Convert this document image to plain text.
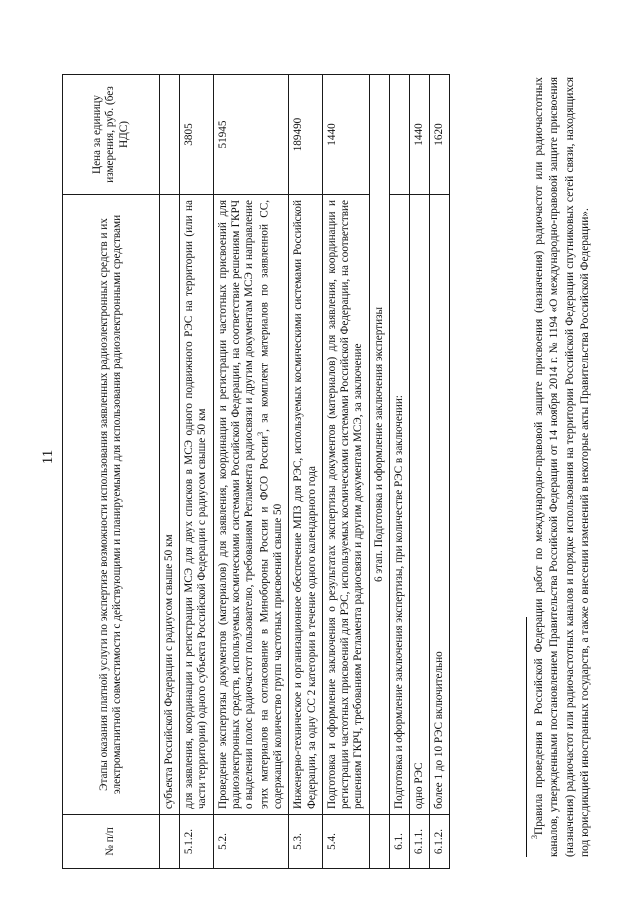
11
№ п/п	Этапы оказания платной услуги по экспертизе возможности использования заявленных радиоэлектронных средств и их электромагнитной совместимости с действующими и планируемыми для использования радиоэлектронными средствами	Цена за единицу измерения, руб. (без НДС)
	субъекта Российской Федерации с радиусом свыше 50 км	
5.1.2.	для заявления, координации и регистрации МСЭ для двух списков в МСЭ одного подвижного РЭС на территории (или на части территории) одного субъекта Российской Федерации с радиусом свыше 50 км	3805
5.2.	Проведение экспертизы документов (материалов) для заявления, координации и регистрации частотных присвоений для радиоэлектронных средств, используемых космическими системами Российской Федерации, на соответствие решениям ГКРЧ о выделении полос радиочастот пользователю, требованиям Регламента радиосвязи и другим документам МСЭ и направление этих материалов на согласование в Минобороны России и ФСО России$^3$, за комплект материалов по заявленной СС, содержащей количество групп частотных присвоений свыше 50	51945
5.3.	Инженерно-техническое и организационное обеспечение МПЗ для РЭС, используемых космическими системами Российской Федерации, за одну СС 2 категории в течение одного календарного года	189490
5.4.	Подготовка и оформление заключения о результатах экспертизы документов (материалов) для заявления, координации и регистрации частотных присвоений для РЭС, используемых космическими системами Российской Федерации, на соответствие решениям ГКРЧ, требованиям Регламента радиосвязи и другим документам МСЭ, за заключение	1440
	6 этап. Подготовка и оформление заключения экспертизы	
6.1.	Подготовка и оформление заключения экспертизы, при количестве РЭС в заключении:	
6.1.1.	одно РЭС	1440
6.1.2.	более 1 до 10 РЭС включительно	1620
$^3$Правила проведения в Российской Федерации работ по международно-правовой защите присвоения (назначения) радиочастот или радиочастотных каналов, утвержденными постановлением Правительства Российской Федерации от 14 ноября 2014 г. № 1194 «О международно-правовой защите присвоения (назначения) радиочастот или радиочастотных каналов и порядке использования на территории Российской Федерации спутниковых сетей связи, находящихся под юрисдикцией иностранных государств, а также о внесении изменений в некоторые акты Правительства Российской Федерации».
